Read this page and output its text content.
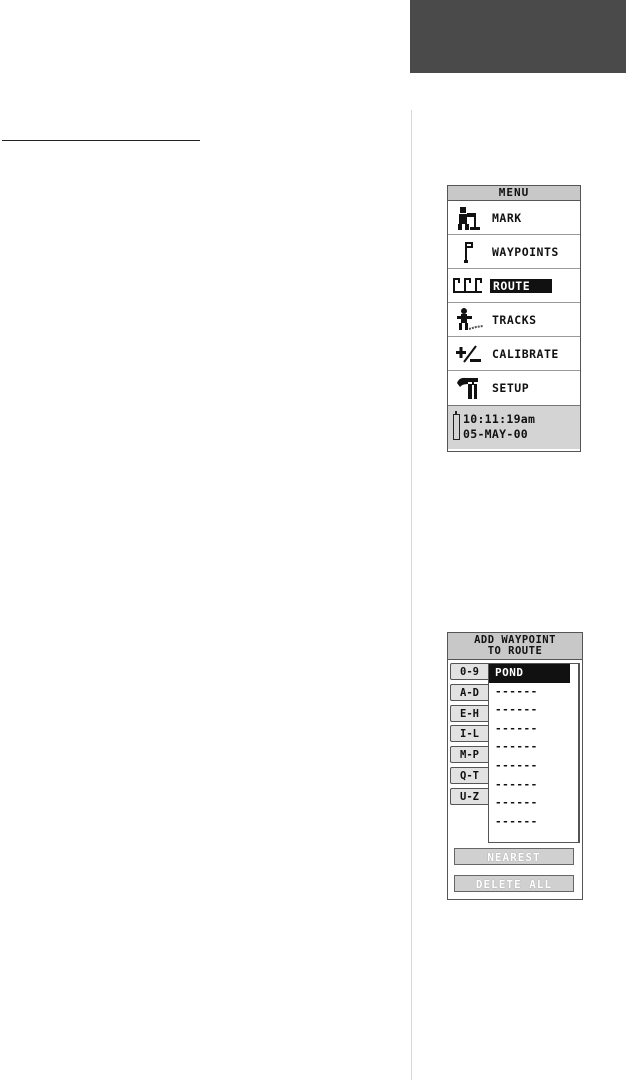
MENU
MARK
WAYPOINTS
ROUTE
TRACKS
CALIBRATE
SETUP
10:11:19am
05-MAY-00
ADD WAYPOINT
TO ROUTE
0-9
A-D
E-H
I-L
M-P
Q-T
U-Z
POND
------
------
------
------
------
------
------
------
NEAREST
DELETE ALL
